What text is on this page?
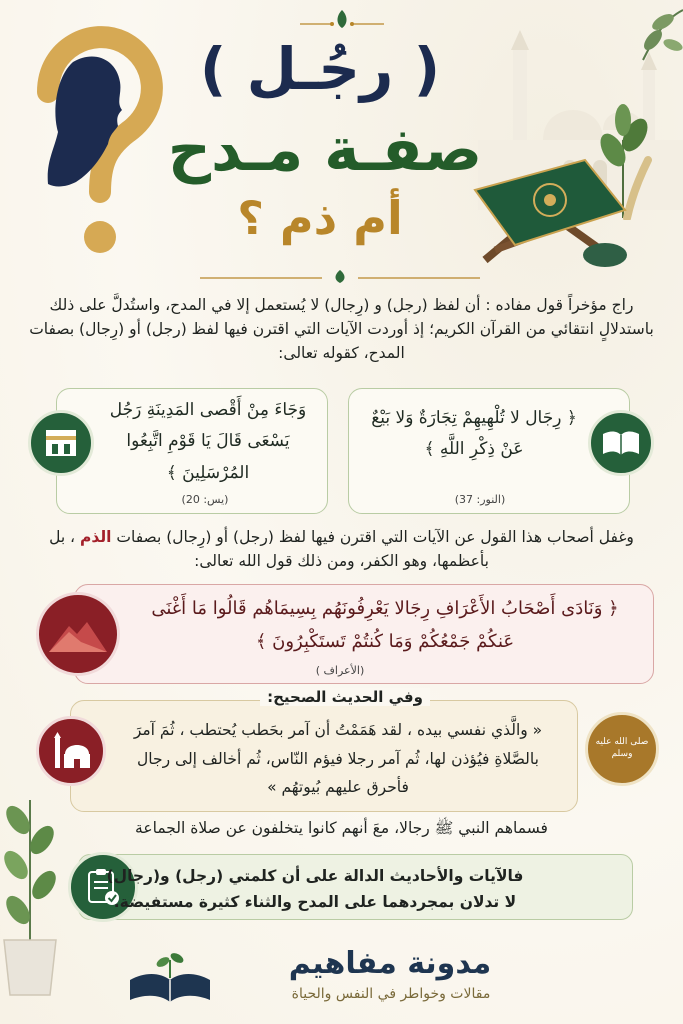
( رجُـل )
صفـة مـدح
أم ذم ؟

راج مؤخراً قول مفاده : أن لفظ (رجل) و (رِجال) لا يُستعمل إلا في المدح، واستُدلَّ على ذلك باستدلالٍ انتقائي من القرآن الكريم؛ إذ أوردت الآيات التي اقترن فيها لفظ (رجل) أو (رِجال) بصفات المدح، كقوله تعالى:

﴿ رِجَال لا تُلْهِيهِمْ تِجَارَةٌ وَلا بَيْعٌ عَنْ ذِكْرِ اللَّهِ ﴾
(النور: 37)
وَجَاءَ مِنْ أَقْصى المَدِينَةِ رَجُل يَسْعَى قَالَ يَا قَوْمِ اتَّبِعُوا المُرْسَلِينَ ﴾
(يس: 20)

وغفل أصحاب هذا القول عن الآيات التي اقترن فيها لفظ (رجل) أو (رِجال) بصفات الذم ، بل بأعظمها، وهو الكفر، ومن ذلك قول الله تعالى:

﴿ وَنَادَى أَصْحَابُ الأَعْرَافِ رِجَالا يَعْرِفُونَهُم بِسِيمَاهُم قَالُوا مَا أَغْنَى عَنكُمْ جَمْعُكُمْ وَمَا كُنتُمْ تَستَكْبِرُونَ ﴾
(الأعراف )
وفي الحديث الصحيح:
صلى الله عليه وسلم
« والَّذي نفسي بيده ، لقد هَمَمْتُ أن آمر بحَطب يُحتطب ، ثُمَ آمرَ بالصَّلاةِ فيُؤذن لها، ثُم آمر رجلا فيؤم النّاس، ثُم أخالف إلى رجال فأحرق عليهم بُيوتهُم »
فسماهم النبي ﷺ رجالا، معَ أنهم كانوا يتخلفون عن صلاة الجماعة
فالآيات والأحاديث الدالة على أن كلمتي (رجل) و(رجال) لا تدلان بمجردهما على المدح والثناء كثيرة مستفيضة.
مدونة مفاهيم
مقالات وخواطر في النفس والحياة
